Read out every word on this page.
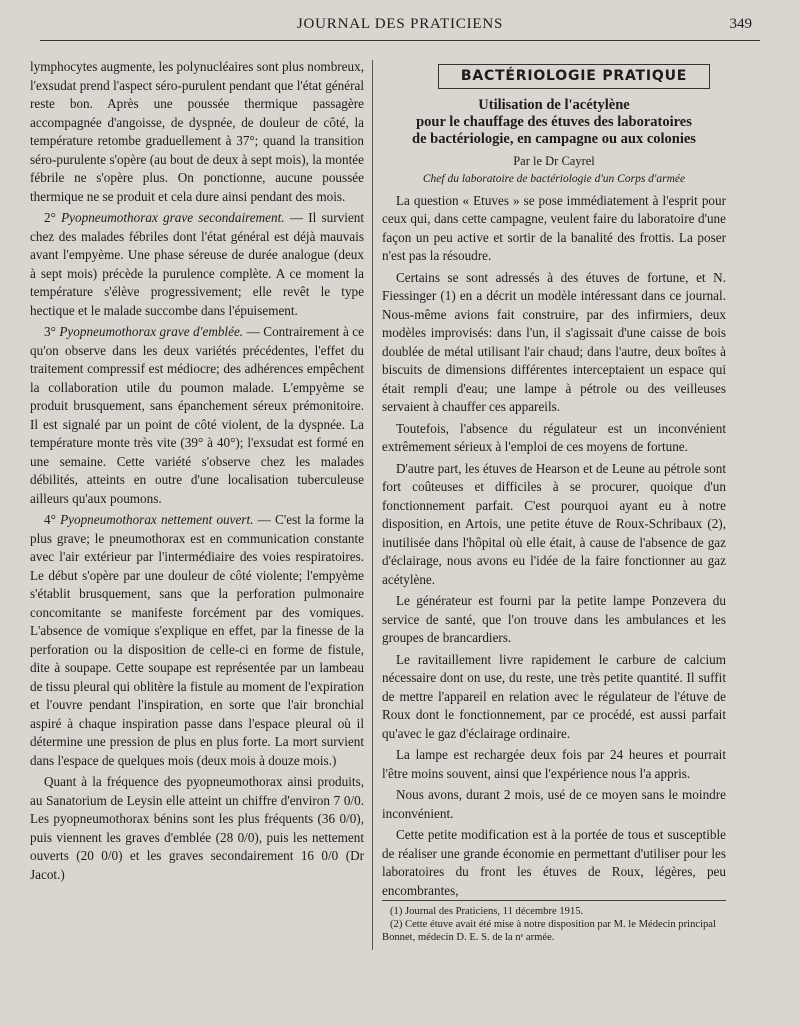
JOURNAL DES PRATICIENS	349

lymphocytes augmente, les polynucléaires sont plus nombreux, l'exsudat prend l'aspect séro-purulent pendant que l'état général reste bon. Après une poussée thermique passagère accompagnée d'angoisse, de dyspnée, de douleur de côté, la température retombe graduellement à 37°; quand la transition séro-purulente s'opère (au bout de deux à sept mois), la montée fébrile ne s'opère plus. On ponctionne, aucune poussée thermique ne se produit et cela dure ainsi pendant des mois.

2° Pyopneumothorax grave secondairement. — Il survient chez des malades fébriles dont l'état général est déjà mauvais avant l'empyème. Une phase séreuse de durée analogue (deux à sept mois) précède la purulence complète. A ce moment la température s'élève progressivement; elle revêt le type hectique et le malade succombe dans l'épuisement.

3° Pyopneumothorax grave d'emblée. — Contrairement à ce qu'on observe dans les deux variétés précédentes, l'effet du traitement compressif est médiocre; des adhérences empêchent la collaboration utile du poumon malade. L'empyème se produit brusquement, sans épanchement séreux prémonitoire. Il est signalé par un point de côté violent, de la dyspnée. La température monte très vite (39° à 40°); l'exsudat est formé en une semaine. Cette variété s'observe chez les malades débilités, atteints en outre d'une localisation tuberculeuse ailleurs qu'aux poumons.

4° Pyopneumothorax nettement ouvert. — C'est la forme la plus grave; le pneumothorax est en communication constante avec l'air extérieur par l'intermédiaire des voies respiratoires. Le début s'opère par une douleur de côté violente; l'empyème s'établit brusquement, sans que la perforation pulmonaire concomitante se manifeste forcément par des vomiques. L'absence de vomique s'explique en effet, par la finesse de la perforation ou la disposition de celle-ci en forme de fistule, dite à soupape. Cette soupape est représentée par un lambeau de tissu pleural qui oblitère la fistule au moment de l'expiration et l'ouvre pendant l'inspiration, en sorte que l'air bronchial aspiré à chaque inspiration passe dans l'espace pleural où il détermine une pression de plus en plus forte. La mort survient dans l'espace de quelques mois (deux mois à douze mois.)

Quant à la fréquence des pyopneumothorax ainsi produits, au Sanatorium de Leysin elle atteint un chiffre d'environ 7 0/0. Les pyopneumothorax bénins sont les plus fréquents (36 0/0), puis viennent les graves d'emblée (28 0/0), puis les nettement ouverts (20 0/0) et les graves secondairement 16 0/0 (Dr Jacot.)

BACTÉRIOLOGIE PRATIQUE
Utilisation de l'acétylène
pour le chauffage des étuves des laboratoires
de bactériologie, en campagne ou aux colonies
Par le Dr Cayrel
Chef du laboratoire de bactériologie d'un Corps d'armée

La question « Etuves » se pose immédiatement à l'esprit pour ceux qui, dans cette campagne, veulent faire du laboratoire d'une façon un peu active et sortir de la banalité des frottis. La poser n'est pas la résoudre.

Certains se sont adressés à des étuves de fortune, et N. Fiessinger (1) en a décrit un modèle intéressant dans ce journal. Nous-même avions fait construire, par des infirmiers, deux modèles improvisés: dans l'un, il s'agissait d'une caisse de bois doublée de métal utilisant l'air chaud; dans l'autre, deux boîtes à biscuits de dimensions différentes interceptaient un espace qui était rempli d'eau; une lampe à pétrole ou des veilleuses servaient à chauffer ces appareils.

Toutefois, l'absence du régulateur est un inconvénient extrêmement sérieux à l'emploi de ces moyens de fortune.

D'autre part, les étuves de Hearson et de Leune au pétrole sont fort coûteuses et difficiles à se procurer, quoique d'un fonctionnement parfait. C'est pourquoi ayant eu à notre disposition, en Artois, une petite étuve de Roux-Schribaux (2), inutilisée dans l'hôpital où elle était, à cause de l'absence de gaz d'éclairage, nous avons eu l'idée de la faire fonctionner au gaz acétylène.

Le générateur est fourni par la petite lampe Ponzevera du service de santé, que l'on trouve dans les ambulances et les groupes de brancardiers.

Le ravitaillement livre rapidement le carbure de calcium nécessaire dont on use, du reste, une très petite quantité. Il suffit de mettre l'appareil en relation avec le régulateur de l'étuve de Roux dont le fonctionnement, par ce procédé, est aussi parfait qu'avec le gaz d'éclairage ordinaire.

La lampe est rechargée deux fois par 24 heures et pourrait l'être moins souvent, ainsi que l'expérience nous l'a appris.

Nous avons, durant 2 mois, usé de ce moyen sans le moindre inconvénient.

Cette petite modification est à la portée de tous et susceptible de réaliser une grande économie en permettant d'utiliser pour les laboratoires du front les étuves de Roux, légères, peu encombrantes,

(1) Journal des Praticiens, 11 décembre 1915.
(2) Cette étuve avait été mise à notre disposition par M. le Médecin principal Bonnet, médecin D. E. S. de la nᵉ armée.
